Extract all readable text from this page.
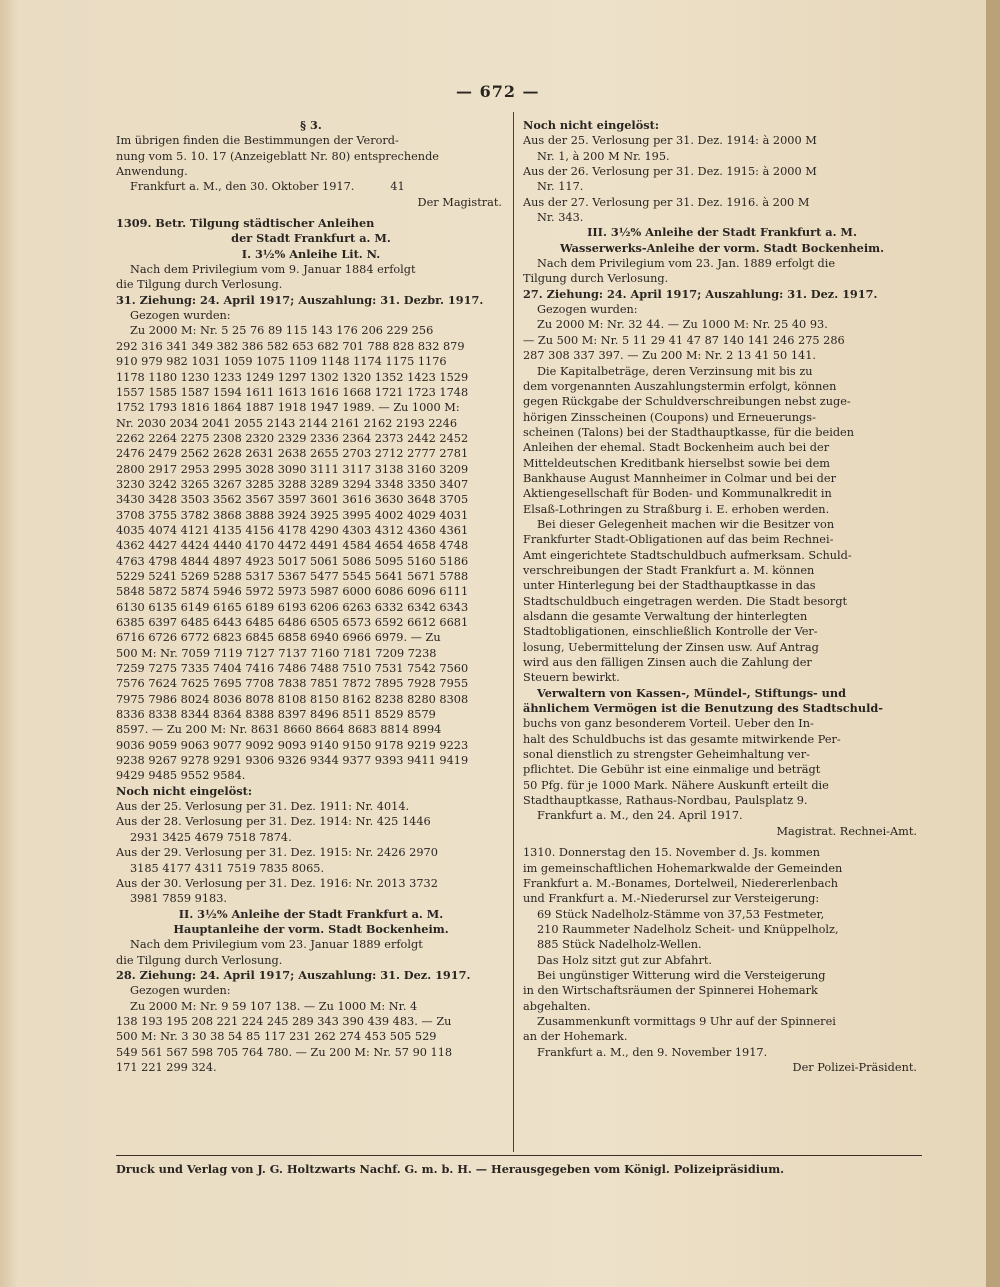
— 672 —
§ 3.
Im übrigen finden die Bestimmungen der Verord-
nung vom 5. 10. 17 (Anzeigeblatt Nr. 80) entsprechende
Anwendung.
Frankfurt a. M., den 30. Oktober 1917.          41
Der Magistrat.
1309. Betr. Tilgung städtischer Anleihen
der Stadt Frankfurt a. M.
I. 3½% Anleihe Lit. N.
Nach dem Privilegium vom 9. Januar 1884 erfolgt
die Tilgung durch Verlosung.
31. Ziehung: 24. April 1917; Auszahlung: 31. Dezbr. 1917.
Gezogen wurden:
Zu 2000 M: Nr. 5 25 76 89 115 143 176 206 229 256
292 316 341 349 382 386 582 653 682 701 788 828 832 879
910 979 982 1031 1059 1075 1109 1148 1174 1175 1176
1178 1180 1230 1233 1249 1297 1302 1320 1352 1423 1529
1557 1585 1587 1594 1611 1613 1616 1668 1721 1723 1748
1752 1793 1816 1864 1887 1918 1947 1989. — Zu 1000 M:
Nr. 2030 2034 2041 2055 2143 2144 2161 2162 2193 2246
2262 2264 2275 2308 2320 2329 2336 2364 2373 2442 2452
2476 2479 2562 2628 2631 2638 2655 2703 2712 2777 2781
2800 2917 2953 2995 3028 3090 3111 3117 3138 3160 3209
3230 3242 3265 3267 3285 3288 3289 3294 3348 3350 3407
3430 3428 3503 3562 3567 3597 3601 3616 3630 3648 3705
3708 3755 3782 3868 3888 3924 3925 3995 4002 4029 4031
4035 4074 4121 4135 4156 4178 4290 4303 4312 4360 4361
4362 4427 4424 4440 4170 4472 4491 4584 4654 4658 4748
4763 4798 4844 4897 4923 5017 5061 5086 5095 5160 5186
5229 5241 5269 5288 5317 5367 5477 5545 5641 5671 5788
5848 5872 5874 5946 5972 5973 5987 6000 6086 6096 6111
6130 6135 6149 6165 6189 6193 6206 6263 6332 6342 6343
6385 6397 6485 6443 6485 6486 6505 6573 6592 6612 6681
6716 6726 6772 6823 6845 6858 6940 6966 6979. — Zu
500 M: Nr. 7059 7119 7127 7137 7160 7181 7209 7238
7259 7275 7335 7404 7416 7486 7488 7510 7531 7542 7560
7576 7624 7625 7695 7708 7838 7851 7872 7895 7928 7955
7975 7986 8024 8036 8078 8108 8150 8162 8238 8280 8308
8336 8338 8344 8364 8388 8397 8496 8511 8529 8579
8597. — Zu 200 M: Nr. 8631 8660 8664 8683 8814 8994
9036 9059 9063 9077 9092 9093 9140 9150 9178 9219 9223
9238 9267 9278 9291 9306 9326 9344 9377 9393 9411 9419
9429 9485 9552 9584.
Noch nicht eingelöst:
Aus der 25. Verlosung per 31. Dez. 1911: Nr. 4014.
Aus der 28. Verlosung per 31. Dez. 1914: Nr. 425 1446
2931 3425 4679 7518 7874.
Aus der 29. Verlosung per 31. Dez. 1915: Nr. 2426 2970
3185 4177 4311 7519 7835 8065.
Aus der 30. Verlosung per 31. Dez. 1916: Nr. 2013 3732
3981 7859 9183.
II. 3½% Anleihe der Stadt Frankfurt a. M.
Hauptanleihe der vorm. Stadt Bockenheim.
Nach dem Privilegium vom 23. Januar 1889 erfolgt
die Tilgung durch Verlosung.
28. Ziehung: 24. April 1917; Auszahlung: 31. Dez. 1917.
Gezogen wurden:
Zu 2000 M: Nr. 9 59 107 138. — Zu 1000 M: Nr. 4
138 193 195 208 221 224 245 289 343 390 439 483. — Zu
500 M: Nr. 3 30 38 54 85 117 231 262 274 453 505 529
549 561 567 598 705 764 780. — Zu 200 M: Nr. 57 90 118
171 221 299 324.
Noch nicht eingelöst:
Aus der 25. Verlosung per 31. Dez. 1914: à 2000 M
Nr. 1, à 200 M Nr. 195.
Aus der 26. Verlosung per 31. Dez. 1915: à 2000 M
Nr. 117.
Aus der 27. Verlosung per 31. Dez. 1916. à 200 M
Nr. 343.
III. 3½% Anleihe der Stadt Frankfurt a. M.
Wasserwerks-Anleihe der vorm. Stadt Bockenheim.
Nach dem Privilegium vom 23. Jan. 1889 erfolgt die
Tilgung durch Verlosung.
27. Ziehung: 24. April 1917; Auszahlung: 31. Dez. 1917.
Gezogen wurden:
Zu 2000 M: Nr. 32 44. — Zu 1000 M: Nr. 25 40 93.
— Zu 500 M: Nr. 5 11 29 41 47 87 140 141 246 275 286
287 308 337 397. — Zu 200 M: Nr. 2 13 41 50 141.
Die Kapitalbeträge, deren Verzinsung mit bis zu
dem vorgenannten Auszahlungstermin erfolgt, können
gegen Rückgabe der Schuldverschreibungen nebst zuge-
hörigen Zinsscheinen (Coupons) und Erneuerungs-
scheinen (Talons) bei der Stadthauptkasse, für die beiden
Anleihen der ehemal. Stadt Bockenheim auch bei der
Mitteldeutschen Kreditbank hierselbst sowie bei dem
Bankhause August Mannheimer in Colmar und bei der
Aktiengesellschaft für Boden- und Kommunalkredit in
Elsaß-Lothringen zu Straßburg i. E. erhoben werden.
Bei dieser Gelegenheit machen wir die Besitzer von
Frankfurter Stadt-Obligationen auf das beim Rechnei-
Amt eingerichtete Stadtschuldbuch aufmerksam. Schuld-
verschreibungen der Stadt Frankfurt a. M. können
unter Hinterlegung bei der Stadthauptkasse in das
Stadtschuldbuch eingetragen werden. Die Stadt besorgt
alsdann die gesamte Verwaltung der hinterlegten
Stadtobligationen, einschließlich Kontrolle der Ver-
losung, Uebermittelung der Zinsen usw. Auf Antrag
wird aus den fälligen Zinsen auch die Zahlung der
Steuern bewirkt.
Verwaltern von Kassen-, Mündel-, Stiftungs- und
ähnlichem Vermögen ist die Benutzung des Stadtschuld-
buchs von ganz besonderem Vorteil. Ueber den In-
halt des Schuldbuchs ist das gesamte mitwirkende Per-
sonal dienstlich zu strengster Geheimhaltung ver-
pflichtet. Die Gebühr ist eine einmalige und beträgt
50 Pfg. für je 1000 Mark. Nähere Auskunft erteilt die
Stadthauptkasse, Rathaus-Nordbau, Paulsplatz 9.
Frankfurt a. M., den 24. April 1917.
Magistrat. Rechnei-Amt.
1310. Donnerstag den 15. November d. Js. kommen
im gemeinschaftlichen Hohemarkwalde der Gemeinden
Frankfurt a. M.-Bonames, Dortelweil, Niedererlenbach
und Frankfurt a. M.-Niederursel zur Versteigerung:
69 Stück Nadelholz-Stämme von 37,53 Festmeter,
210 Raummeter Nadelholz Scheit- und Knüppelholz,
885 Stück Nadelholz-Wellen.
Das Holz sitzt gut zur Abfahrt.
Bei ungünstiger Witterung wird die Versteigerung
in den Wirtschaftsräumen der Spinnerei Hohemark
abgehalten.
Zusammenkunft vormittags 9 Uhr auf der Spinnerei
an der Hohemark.
Frankfurt a. M., den 9. November 1917.
Der Polizei-Präsident.
Druck und Verlag von J. G. Holtzwarts Nachf. G. m. b. H. — Herausgegeben vom Königl. Polizeipräsidium.
